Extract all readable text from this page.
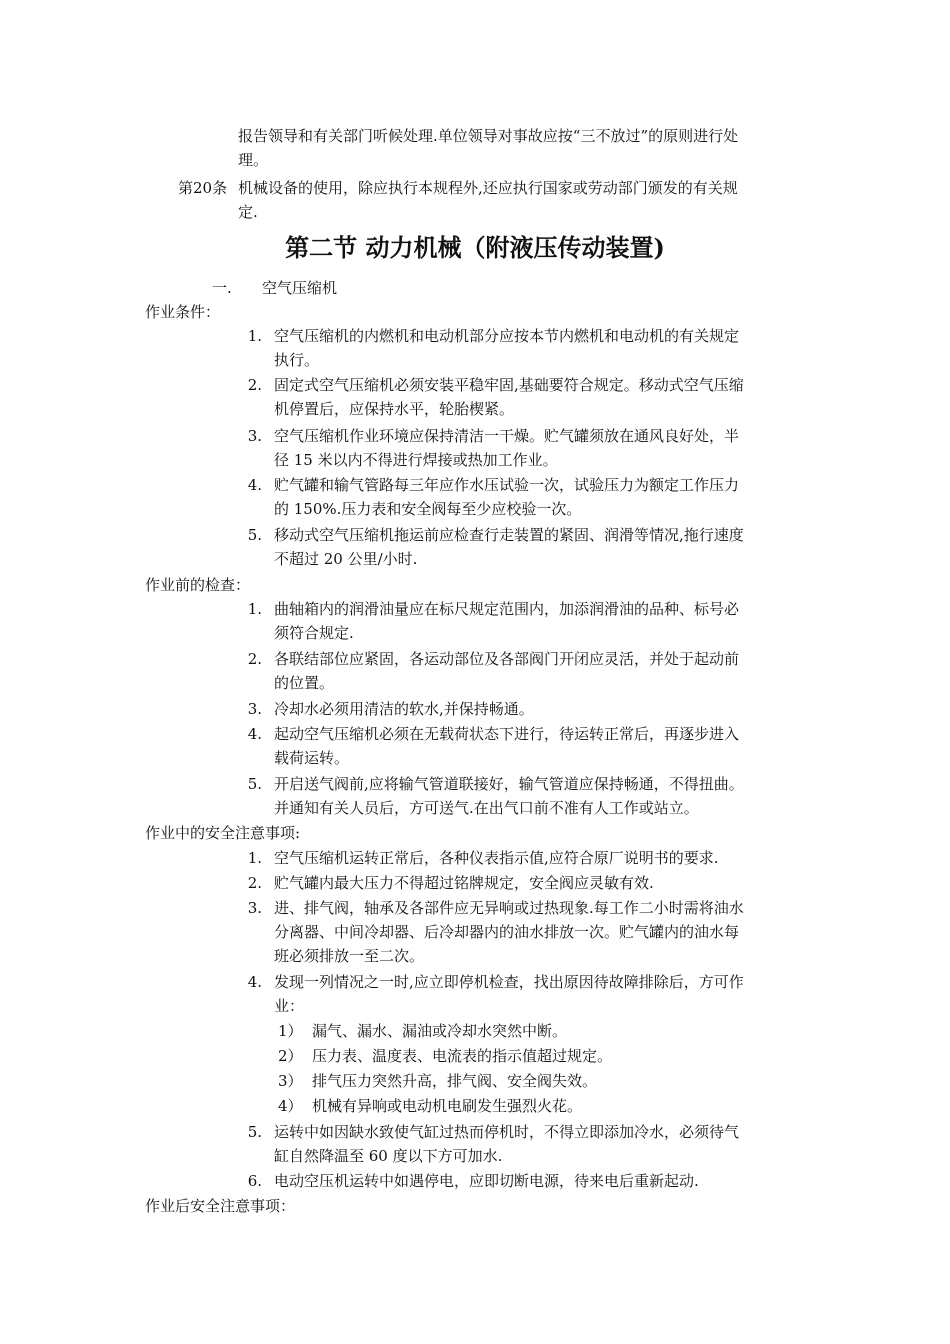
报告领导和有关部门听候处理.单位领导对事故应按“三不放过”的原则进行处
理。
第20条 机械设备的使用，除应执行本规程外,还应执行国家或劳动部门颁发的有关规
定.
第二节 动力机械（附液压传动装置)
一. 空气压缩机
作业条件：
1. 空气压缩机的内燃机和电动机部分应按本节内燃机和电动机的有关规定
执行。
2. 固定式空气压缩机必须安装平稳牢固,基础要符合规定。移动式空气压缩
机停置后，应保持水平，轮胎楔紧。
3. 空气压缩机作业环境应保持清洁一干燥。贮气罐须放在通风良好处，半
径 15 米以内不得进行焊接或热加工作业。
4. 贮气罐和输气管路每三年应作水压试验一次，试验压力为额定工作压力
的 150%.压力表和安全阀每至少应校验一次。
5. 移动式空气压缩机拖运前应检查行走装置的紧固、润滑等情况,拖行速度
不超过 20 公里/小时.
作业前的检查：
1. 曲轴箱内的润滑油量应在标尺规定范围内，加添润滑油的品种、标号必
须符合规定.
2. 各联结部位应紧固，各运动部位及各部阀门开闭应灵活，并处于起动前
的位置。
3. 冷却水必须用清洁的软水,并保持畅通。
4. 起动空气压缩机必须在无载荷状态下进行，待运转正常后，再逐步进入
载荷运转。
5. 开启送气阀前,应将输气管道联接好，输气管道应保持畅通，不得扭曲。
并通知有关人员后，方可送气.在出气口前不准有人工作或站立。
作业中的安全注意事项:
1. 空气压缩机运转正常后，各种仪表指示值,应符合原厂说明书的要求.
2. 贮气罐内最大压力不得超过铭牌规定，安全阀应灵敏有效.
3. 进、排气阀，轴承及各部件应无异响或过热现象.每工作二小时需将油水
分离器、中间冷却器、后冷却器内的油水排放一次。贮气罐内的油水每
班必须排放一至二次。
4. 发现一列情况之一时,应立即停机检查，找出原因待故障排除后，方可作
业：
1） 漏气、漏水、漏油或冷却水突然中断。
2） 压力表、温度表、电流表的指示值超过规定。
3） 排气压力突然升高，排气阀、安全阀失效。
4） 机械有异响或电动机电刷发生强烈火花。
5. 运转中如因缺水致使气缸过热而停机时，不得立即添加冷水，必须待气
缸自然降温至 60 度以下方可加水.
6. 电动空压机运转中如遇停电，应即切断电源，待来电后重新起动.
作业后安全注意事项：
